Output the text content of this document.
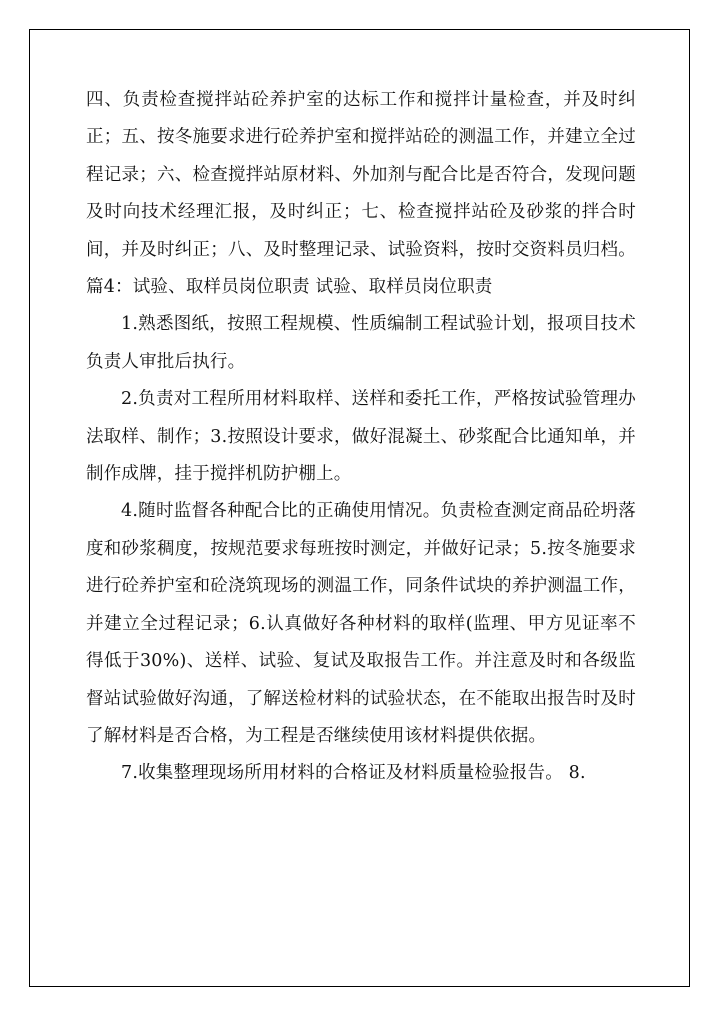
四、负责检查搅拌站砼养护室的达标工作和搅拌计量检查，并及时纠正；五、按冬施要求进行砼养护室和搅拌站砼的测温工作，并建立全过程记录；六、检查搅拌站原材料、外加剂与配合比是否符合，发现问题及时向技术经理汇报，及时纠正；七、检查搅拌站砼及砂浆的拌合时间，并及时纠正；八、及时整理记录、试验资料，按时交资料员归档。篇4：试验、取样员岗位职责 试验、取样员岗位职责

1.熟悉图纸，按照工程规模、性质编制工程试验计划，报项目技术负责人审批后执行。

2.负责对工程所用材料取样、送样和委托工作，严格按试验管理办法取样、制作；3.按照设计要求，做好混凝土、砂浆配合比通知单，并制作成牌，挂于搅拌机防护棚上。

4.随时监督各种配合比的正确使用情况。负责检查测定商品砼坍落度和砂浆稠度，按规范要求每班按时测定，并做好记录；5.按冬施要求进行砼养护室和砼浇筑现场的测温工作，同条件试块的养护测温工作，并建立全过程记录；6.认真做好各种材料的取样(监理、甲方见证率不得低于30%)、送样、试验、复试及取报告工作。并注意及时和各级监督站试验做好沟通，了解送检材料的试验状态，在不能取出报告时及时了解材料是否合格，为工程是否继续使用该材料提供依据。

7.收集整理现场所用材料的合格证及材料质量检验报告。 8.
